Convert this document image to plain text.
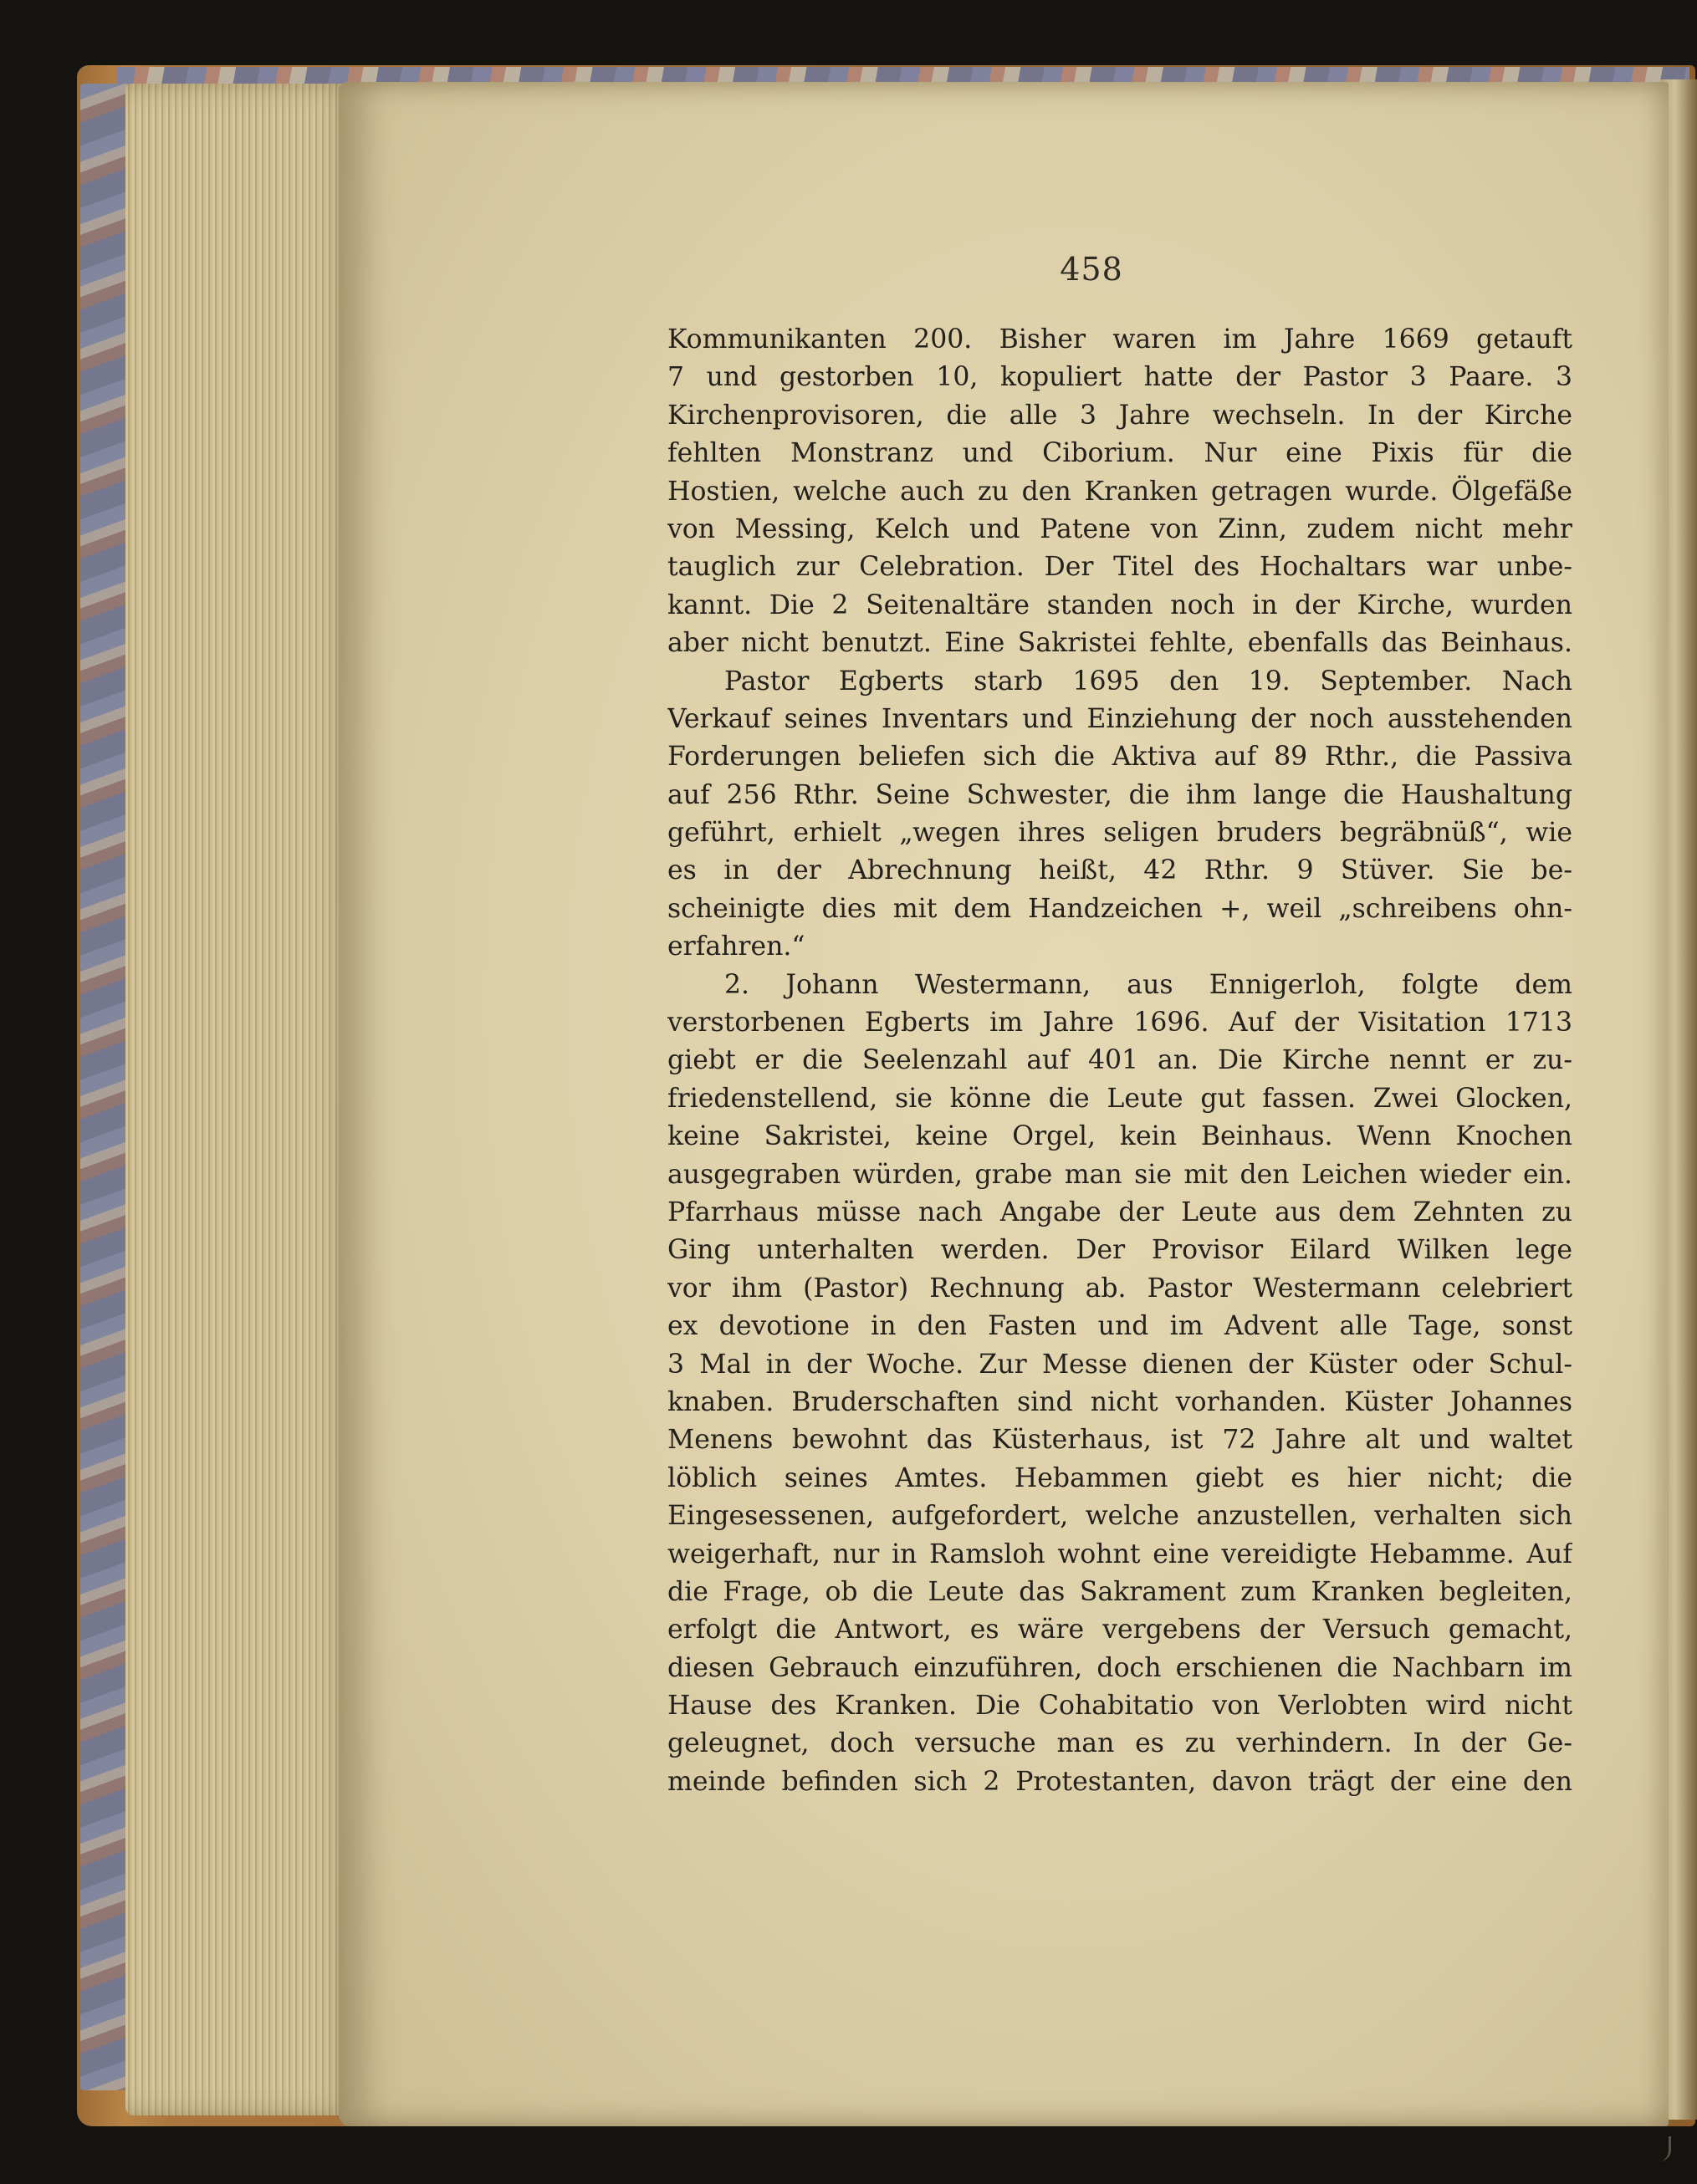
458
Kommunikanten 200. Bisher waren im Jahre 1669 getauft
7 und gestorben 10, kopuliert hatte der Pastor 3 Paare. 3
Kirchenprovisoren, die alle 3 Jahre wechseln. In der Kirche
fehlten Monstranz und Ciborium. Nur eine Pixis für die
Hostien, welche auch zu den Kranken getragen wurde. Ölgefäße
von Messing, Kelch und Patene von Zinn, zudem nicht mehr
tauglich zur Celebration. Der Titel des Hochaltars war unbe-
kannt. Die 2 Seitenaltäre standen noch in der Kirche, wurden
aber nicht benutzt. Eine Sakristei fehlte, ebenfalls das Beinhaus.
Pastor Egberts starb 1695 den 19. September. Nach
Verkauf seines Inventars und Einziehung der noch ausstehenden
Forderungen beliefen sich die Aktiva auf 89 Rthr., die Passiva
auf 256 Rthr. Seine Schwester, die ihm lange die Haushaltung
geführt, erhielt „wegen ihres seligen bruders begräbnüß“, wie
es in der Abrechnung heißt, 42 Rthr. 9 Stüver. Sie be-
scheinigte dies mit dem Handzeichen +, weil „schreibens ohn-
erfahren.“
2. Johann Westermann, aus Ennigerloh, folgte dem
verstorbenen Egberts im Jahre 1696. Auf der Visitation 1713
giebt er die Seelenzahl auf 401 an. Die Kirche nennt er zu-
friedenstellend, sie könne die Leute gut fassen. Zwei Glocken,
keine Sakristei, keine Orgel, kein Beinhaus. Wenn Knochen
ausgegraben würden, grabe man sie mit den Leichen wieder ein.
Pfarrhaus müsse nach Angabe der Leute aus dem Zehnten zu
Ging unterhalten werden. Der Provisor Eilard Wilken lege
vor ihm (Pastor) Rechnung ab. Pastor Westermann celebriert
ex devotione in den Fasten und im Advent alle Tage, sonst
3 Mal in der Woche. Zur Messe dienen der Küster oder Schul-
knaben. Bruderschaften sind nicht vorhanden. Küster Johannes
Menens bewohnt das Küsterhaus, ist 72 Jahre alt und waltet
löblich seines Amtes. Hebammen giebt es hier nicht; die
Eingesessenen, aufgefordert, welche anzustellen, verhalten sich
weigerhaft, nur in Ramsloh wohnt eine vereidigte Hebamme. Auf
die Frage, ob die Leute das Sakrament zum Kranken begleiten,
erfolgt die Antwort, es wäre vergebens der Versuch gemacht,
diesen Gebrauch einzuführen, doch erschienen die Nachbarn im
Hause des Kranken. Die Cohabitatio von Verlobten wird nicht
geleugnet, doch versuche man es zu verhindern. In der Ge-
meinde befinden sich 2 Protestanten, davon trägt der eine den
